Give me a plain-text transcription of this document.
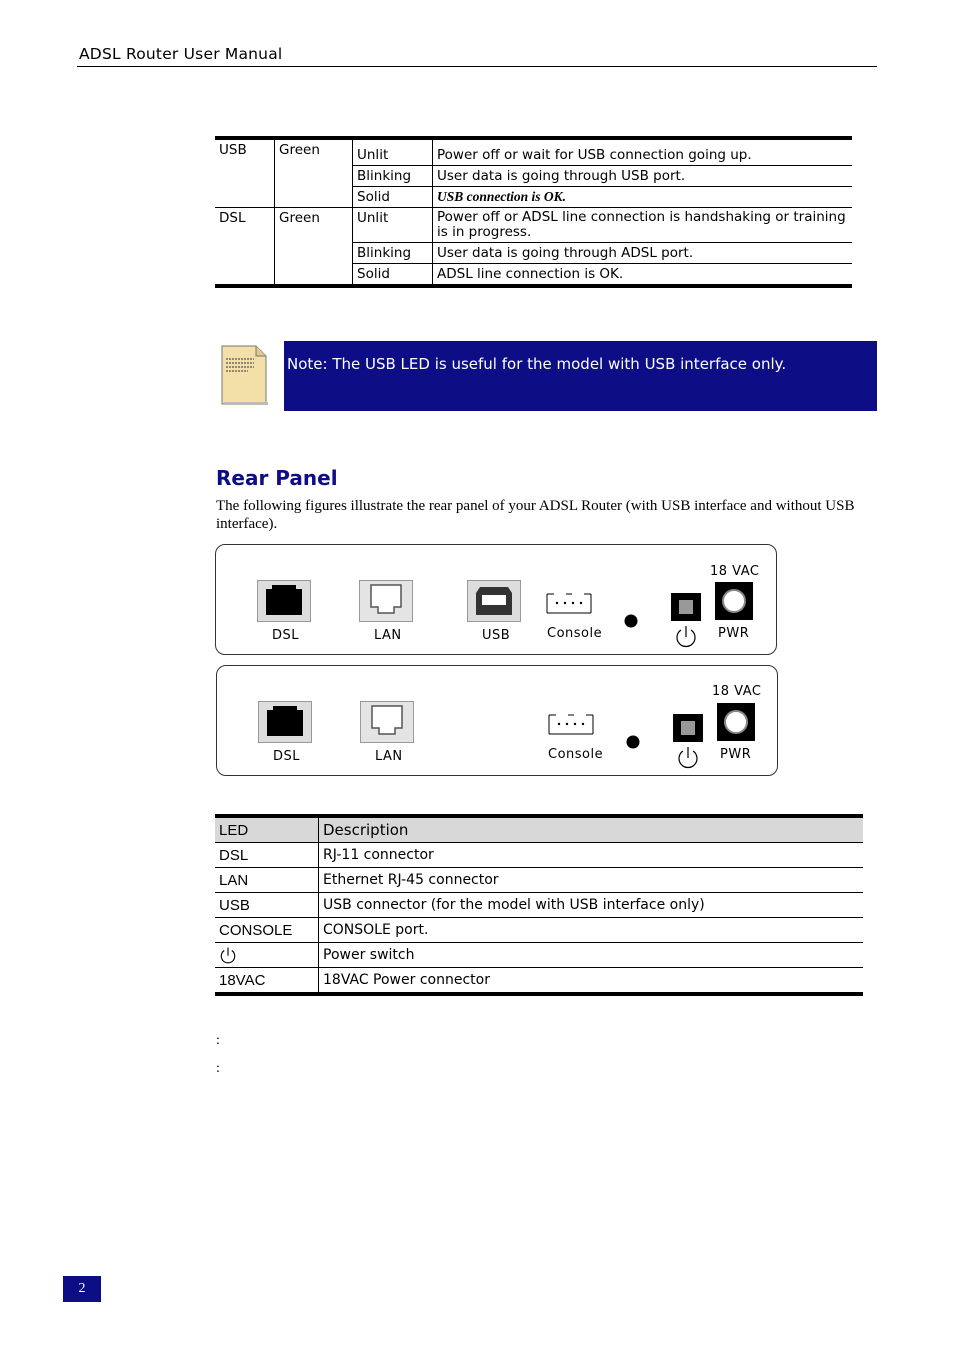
ADSL Router User Manual
USB	Green	Unlit	Power off or wait for USB connection going up.
		Blinking	User data is going through USB port.
		Solid	USB connection is OK.
DSL	Green	Unlit	Power off or ADSL line connection is handshaking or training is in progress.
		Blinking	User data is going through ADSL port.
		Solid	ADSL line connection is OK.
Note: The USB LED is useful for the model with USB interface only.
Rear Panel
The following figures illustrate the rear panel of your ADSL Router (with USB interface and without USB interface).
DSL	LAN	USB	Console
18 VAC
PWR
DSL	LAN	Console
18 VAC
PWR
LED	Description
DSL	RJ-11 connector
LAN	Ethernet RJ-45 connector
USB	USB connector (for the model with USB interface only)
CONSOLE	CONSOLE port.
	Power switch
18VAC	18VAC Power connector
:
:
2
